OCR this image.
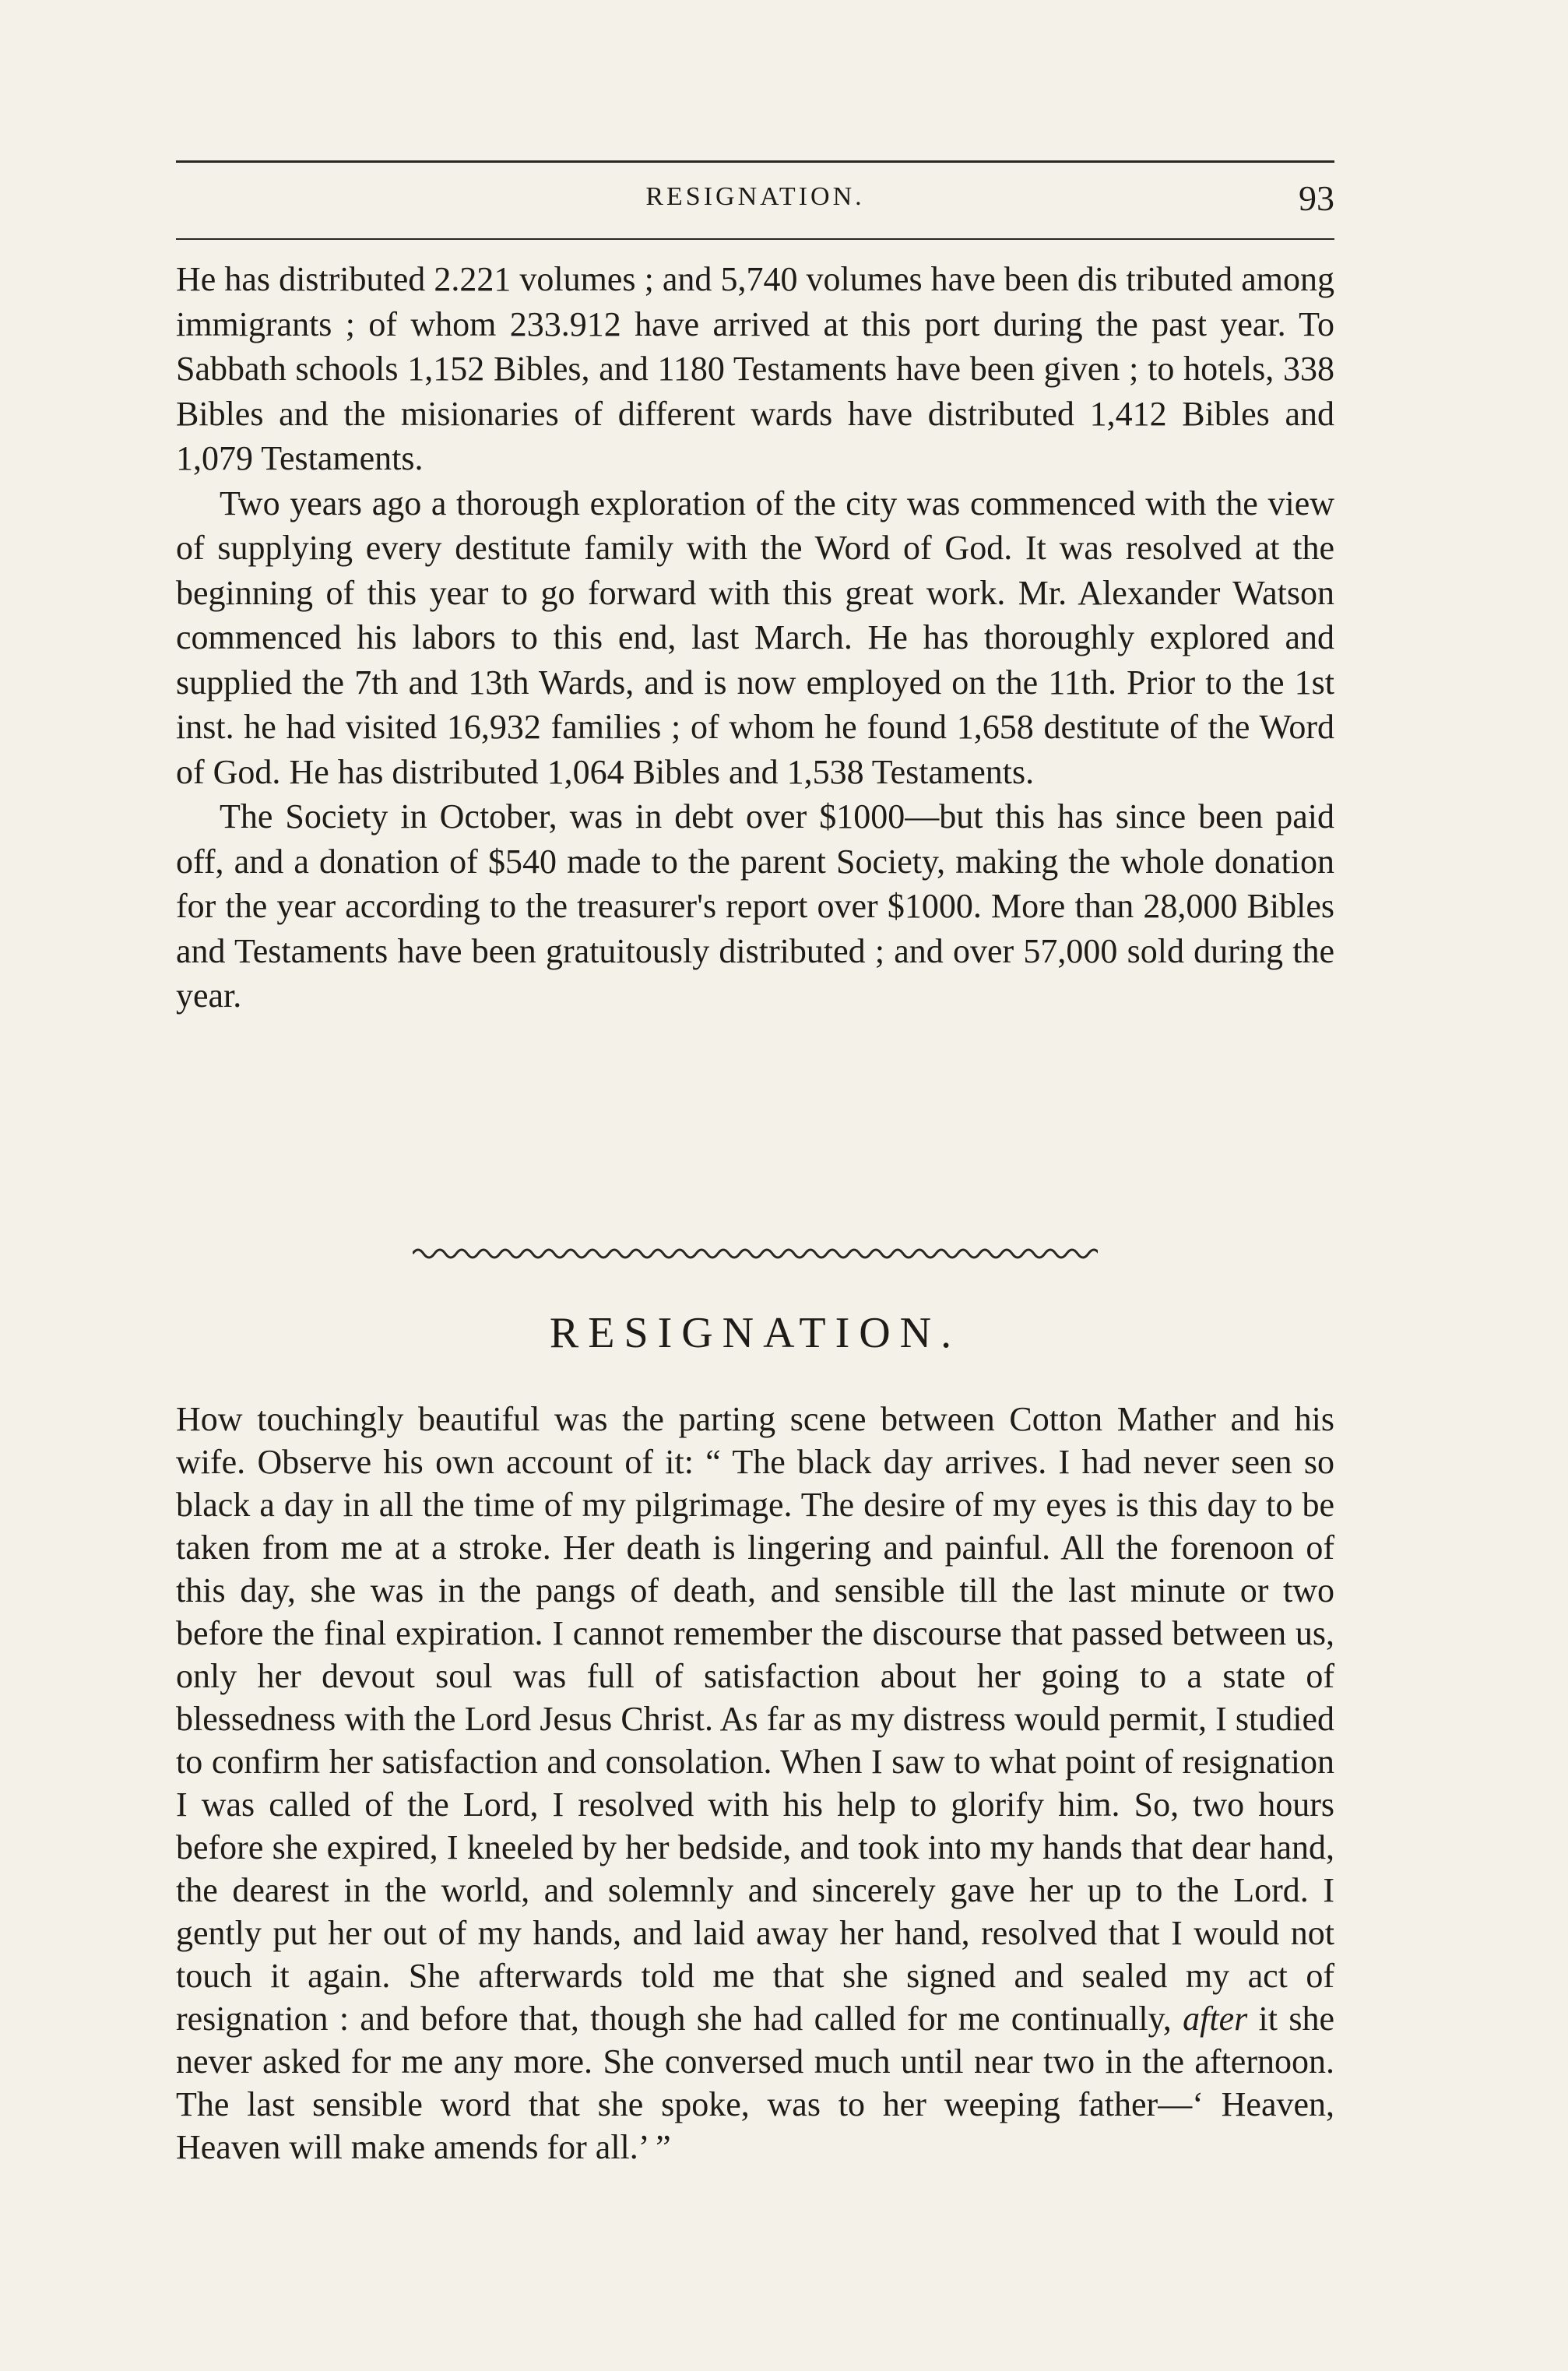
RESIGNATION.	93

He has distributed 2.221 volumes ; and 5,740 volumes have been dis tributed among immigrants ; of whom 233.912 have arrived at this port during the past year. To Sabbath schools 1,152 Bibles, and 1180 Testaments have been given ; to hotels, 338 Bibles and the misionaries of different wards have distributed 1,412 Bibles and 1,079 Testaments.

Two years ago a thorough exploration of the city was commenced with the view of supplying every destitute family with the Word of God. It was resolved at the beginning of this year to go forward with this great work. Mr. Alexander Watson commenced his labors to this end, last March. He has thoroughly explored and supplied the 7th and 13th Wards, and is now employed on the 11th. Prior to the 1st inst. he had visited 16,932 families ; of whom he found 1,658 destitute of the Word of God. He has distributed 1,064 Bibles and 1,538 Testaments.

The Society in October, was in debt over $1000—but this has since been paid off, and a donation of $540 made to the parent Society, making the whole donation for the year according to the treasurer's report over $1000. More than 28,000 Bibles and Testaments have been gratuitously distributed ; and over 57,000 sold during the year.

RESIGNATION.

How touchingly beautiful was the parting scene between Cotton Mather and his wife. Observe his own account of it: “ The black day arrives. I had never seen so black a day in all the time of my pilgrimage. The desire of my eyes is this day to be taken from me at a stroke. Her death is lingering and painful. All the forenoon of this day, she was in the pangs of death, and sensible till the last minute or two before the final expiration. I cannot remember the discourse that passed between us, only her devout soul was full of satisfaction about her going to a state of blessedness with the Lord Jesus Christ. As far as my distress would permit, I studied to confirm her satisfaction and consolation. When I saw to what point of resignation I was called of the Lord, I resolved with his help to glorify him. So, two hours before she expired, I kneeled by her bedside, and took into my hands that dear hand, the dearest in the world, and solemnly and sincerely gave her up to the Lord. I gently put her out of my hands, and laid away her hand, resolved that I would not touch it again. She afterwards told me that she signed and sealed my act of resignation : and before that, though she had called for me continually, after it she never asked for me any more. She conversed much until near two in the afternoon. The last sensible word that she spoke, was to her weeping father—‘ Heaven, Heaven will make amends for all.’ ”
